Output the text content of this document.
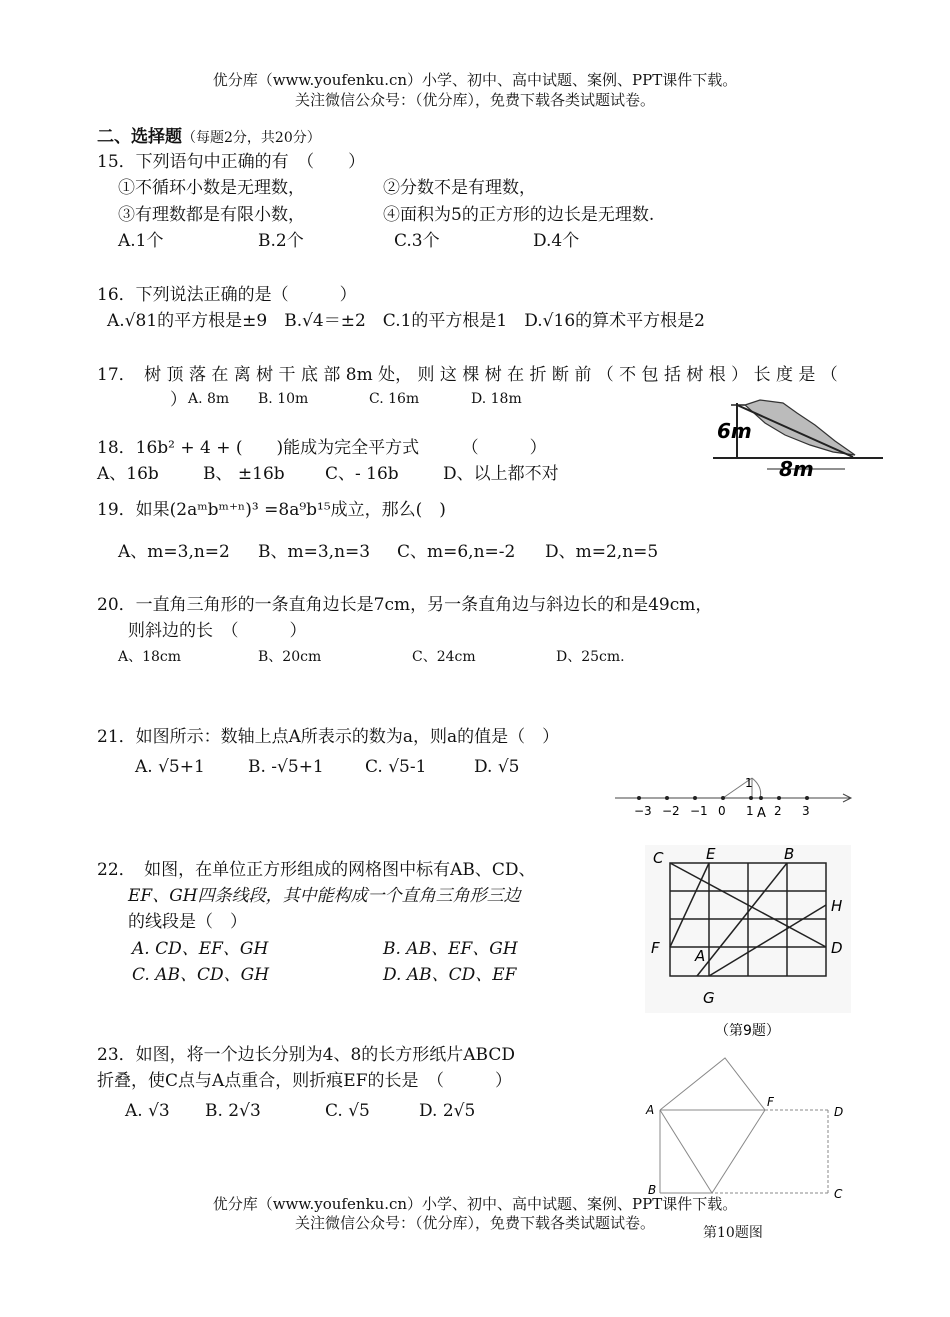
优分库（www.youfenku.cn）小学、初中、高中试题、案例、PPT课件下载。
关注微信公众号：（优分库），免费下载各类试题试卷。
二、选择题（每题2分，共20分）
15．下列语句中正确的有　（　　）
①不循环小数是无理数，	②分数不是有理数，
③有理数都是有限小数，	④面积为5的正方形的边长是无理数.
A.1个	B.2个	C.3个	D.4个
16．下列说法正确的是（　　　）
A.√81的平方根是±9　B.√4＝±2　C.1的平方根是1　D.√16的算术平方根是2
17．　树 顶 落 在 离 树 干 底 部 8m 处， 则 这 棵 树 在 折 断 前 （ 不 包 括 树 根 ） 长 度 是 （
） A. 8m B. 10m	C. 16m	D. 18m
6m
8m
18．16b² + 4 + (　　)能成为完全平方式　　　（　　　）
A、16b	B、 ±16b C、- 16b	D、以上都不对
19．如果(2aᵐbᵐ⁺ⁿ)³ =8a⁹b¹⁵成立，那么(　)
A、m=3,n=2 B、m=3,n=3 C、m=6,n=-2 D、m=2,n=5
20．一直角三角形的一条直角边长是7cm，另一条直角边与斜边长的和是49cm，
则斜边的长　（　　　）
A、18cm	B、20cm	C、24cm	D、25cm.
21．如图所示：数轴上点A所表示的数为a，则a的值是（　）
A. √5+1	B. -√5+1 C. √5-1	D. √5
−3 −2 −1 0 1 2 3
1
A
22．　如图，在单位正方形组成的网格图中标有AB、CD、
EF、GH四条线段，其中能构成一个直角三角形三边
的线段是（　）
A. CD、EF、GH	B. AB、EF、GH
C. AB、CD、GH	D. AB、CD、EF
C	E	B
H
F	D
A
G
（第9题）
23．如图，将一个边长分别为4、8的长方形纸片ABCD
折叠，使C点与A点重合，则折痕EF的长是　（　　　）
A. √3 B. 2√3	C. √5	D. 2√5	A
F
D
B	C
优分库（www.youfenku.cn）小学、初中、高中试题、案例、PPT课件下载。
关注微信公众号：（优分库），免费下载各类试题试卷。
第10题图
